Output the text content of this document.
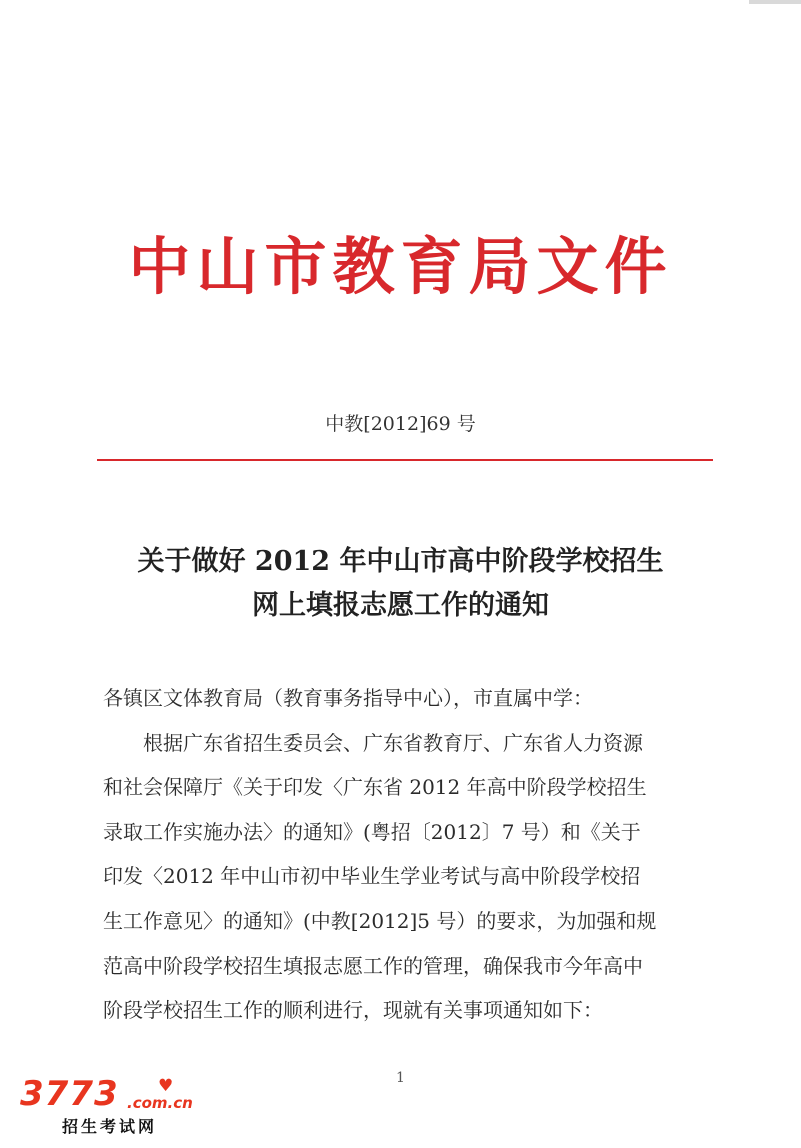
中山市教育局文件
中教[2012]69 号
关于做好 2012 年中山市高中阶段学校招生
网上填报志愿工作的通知
各镇区文体教育局（教育事务指导中心），市直属中学：
根据广东省招生委员会、广东省教育厅、广东省人力资源
和社会保障厅《关于印发〈广东省 2012 年高中阶段学校招生
录取工作实施办法〉的通知》(粤招〔2012〕7 号）和《关于
印发〈2012 年中山市初中毕业生学业考试与高中阶段学校招
生工作意见〉的通知》(中教[2012]5 号）的要求，为加强和规
范高中阶段学校招生填报志愿工作的管理，确保我市今年高中
阶段学校招生工作的顺利进行，现就有关事项通知如下：
1
3773 ♥
.com.cn
招生考试网
